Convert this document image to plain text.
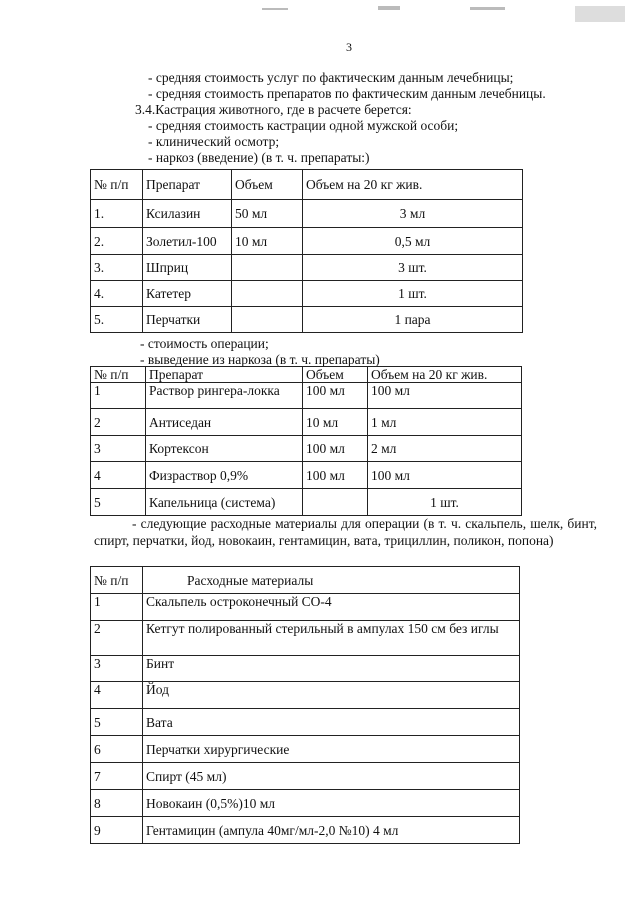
3
- средняя стоимость услуг по фактическим данным лечебницы;
- средняя стоимость препаратов по фактическим данным лечебницы.
3.4.Кастрация животного, где в расчете берется:
- средняя стоимость кастрации одной мужской особи;
- клинический осмотр;
- наркоз (введение) (в т. ч. препараты:)
№ п/п	Препарат	Объем	Объем на 20 кг жив.
1.	Ксилазин	50 мл	3 мл
2.	Золетил-100	10 мл	0,5 мл
3.	Шприц		3 шт.
4.	Катетер		1 шт.
5.	Перчатки		1 пара
- стоимость операции;
- выведение из наркоза (в т. ч. препараты)
№ п/п	Препарат	Объем	Объем на 20 кг жив.
1	Раствор рингера-локка	100 мл	100 мл
2	Антиседан	10 мл	1 мл
3	Кортексон	100 мл	2 мл
4	Физраствор 0,9%	100 мл	100 мл
5	Капельница (система)		1 шт.
- следующие расходные материалы для операции (в т. ч. скальпель, шелк, бинт, спирт, перчатки, йод, новокаин, гентамицин, вата, трициллин, поликон, попона)
№ п/п	Расходные материалы
1	Скальпель остроконечный СО-4
2	Кетгут полированный стерильный в ампулах 150 см без иглы
3	Бинт
4	Йод
5	Вата
6	Перчатки хирургические
7	Спирт (45 мл)
8	Новокаин (0,5%)10 мл
9	Гентамицин (ампула 40мг/мл-2,0 №10) 4 мл
